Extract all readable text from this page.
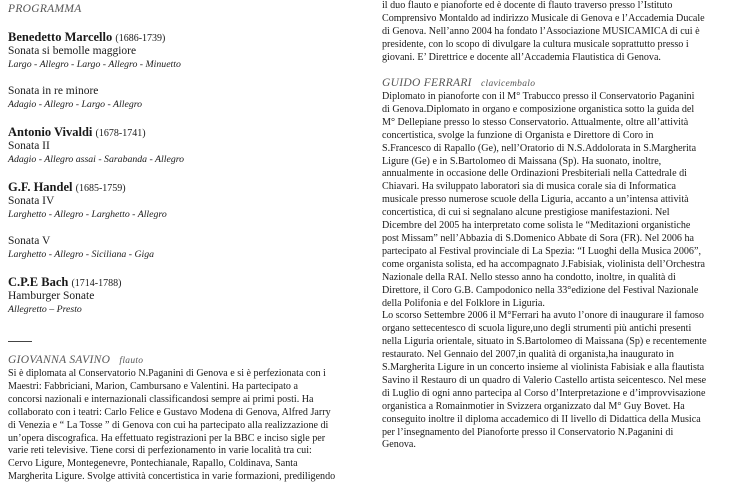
PROGRAMMA
Benedetto Marcello (1686-1739)
Sonata si bemolle maggiore
Largo - Allegro - Largo - Allegro - Minuetto
Sonata in re minore
Adagio - Allegro - Largo - Allegro
Antonio Vivaldi (1678-1741)
Sonata II
Adagio - Allegro assai - Sarabanda - Allegro
G.F. Handel (1685-1759)
Sonata IV
Larghetto - Allegro - Larghetto - Allegro
Sonata V
Larghetto - Allegro - Siciliana - Giga
C.P.E Bach (1714-1788)
Hamburger Sonate
Allegretto – Presto
GIOVANNA SAVINO flauto
Si è diplomata al Conservatorio N.Paganini di Genova e si è perfezionata con i
Maestri: Fabbriciani, Marion, Cambursano e Valentini. Ha partecipato a
concorsi nazionali e internazionali classificandosi sempre ai primi posti. Ha
collaborato con i teatri: Carlo Felice e Gustavo Modena di Genova, Alfred Jarry
di Venezia e “ La Tosse ” di Genova con cui ha partecipato alla realizzazione di
un’opera discografica. Ha effettuato registrazioni per la BBC e inciso sigle per
varie reti televisive. Tiene corsi di perfezionamento in varie località tra cui:
Cervo Ligure, Montegenevre, Pontechianale, Rapallo, Coldinava, Santa
Margherita Ligure. Svolge attività concertistica in varie formazioni, prediligendo
il duo flauto e pianoforte ed è docente di flauto traverso presso l’Istituto
Comprensivo Montaldo ad indirizzo Musicale di Genova e l’Accademia Ducale
di Genova. Nell’anno 2004 ha fondato l’Associazione MUSICAMICA di cui è
presidente, con lo scopo di divulgare la cultura musicale soprattutto presso i
giovani. E’ Direttrice e docente all’Accademia Flautistica di Genova.
GUIDO FERRARI clavicembalo
Diplomato in pianoforte con il M° Trabucco presso il Conservatorio Paganini
di Genova.Diplomato in organo e composizione organistica sotto la guida del
M° Dellepiane presso lo stesso Conservatorio. Attualmente, oltre all’attività
concertistica, svolge la funzione di Organista e Direttore di Coro in
S.Francesco di Rapallo (Ge), nell’Oratorio di N.S.Addolorata in S.Margherita
Ligure (Ge) e in S.Bartolomeo di Maissana (Sp). Ha suonato, inoltre,
annualmente in occasione delle Ordinazioni Presbiteriali nella Cattedrale di
Chiavari. Ha sviluppato laboratori sia di musica corale sia di Informatica
musicale presso numerose scuole della Liguria, accanto a un’intensa attività
concertistica, di cui si segnalano alcune prestigiose manifestazioni. Nel
Dicembre del 2005 ha interpretato come solista le “Meditazioni organistiche
post Missam” nell’Abbazia di S.Domenico Abbate di Sora (FR). Nel 2006 ha
partecipato al Festival provinciale di La Spezia: “I Luoghi della Musica 2006”,
come organista solista, ed ha accompagnato J.Fabisiak, violinista dell’Orchestra
Nazionale della RAI. Nello stesso anno ha condotto, inoltre, in qualità di
Direttore, il Coro G.B. Campodonico nella 33°edizione del Festival Nazionale
della Polifonia e del Folklore in Liguria.
Lo scorso Settembre 2006 il M°Ferrari ha avuto l’onore di inaugurare il famoso
organo settecentesco di scuola ligure,uno degli strumenti più antichi presenti
nella Liguria orientale, situato in S.Bartolomeo di Maissana (Sp) e recentemente
restaurato. Nel Gennaio del 2007,in qualità di organista,ha inaugurato in
S.Margherita Ligure in un concerto insieme al violinista Fabisiak e alla flautista
Savino il Restauro di un quadro di Valerio Castello artista seicentesco. Nel mese
di Luglio di ogni anno partecipa al Corso d’Interpretazione e d’improvvisazione
organistica a Romainmotier in Svizzera organizzato dal M° Guy Bovet. Ha
conseguito inoltre il diploma accademico di II livello di Didattica della Musica
per l’insegnamento del Pianoforte presso il Conservatorio N.Paganini di
Genova.
